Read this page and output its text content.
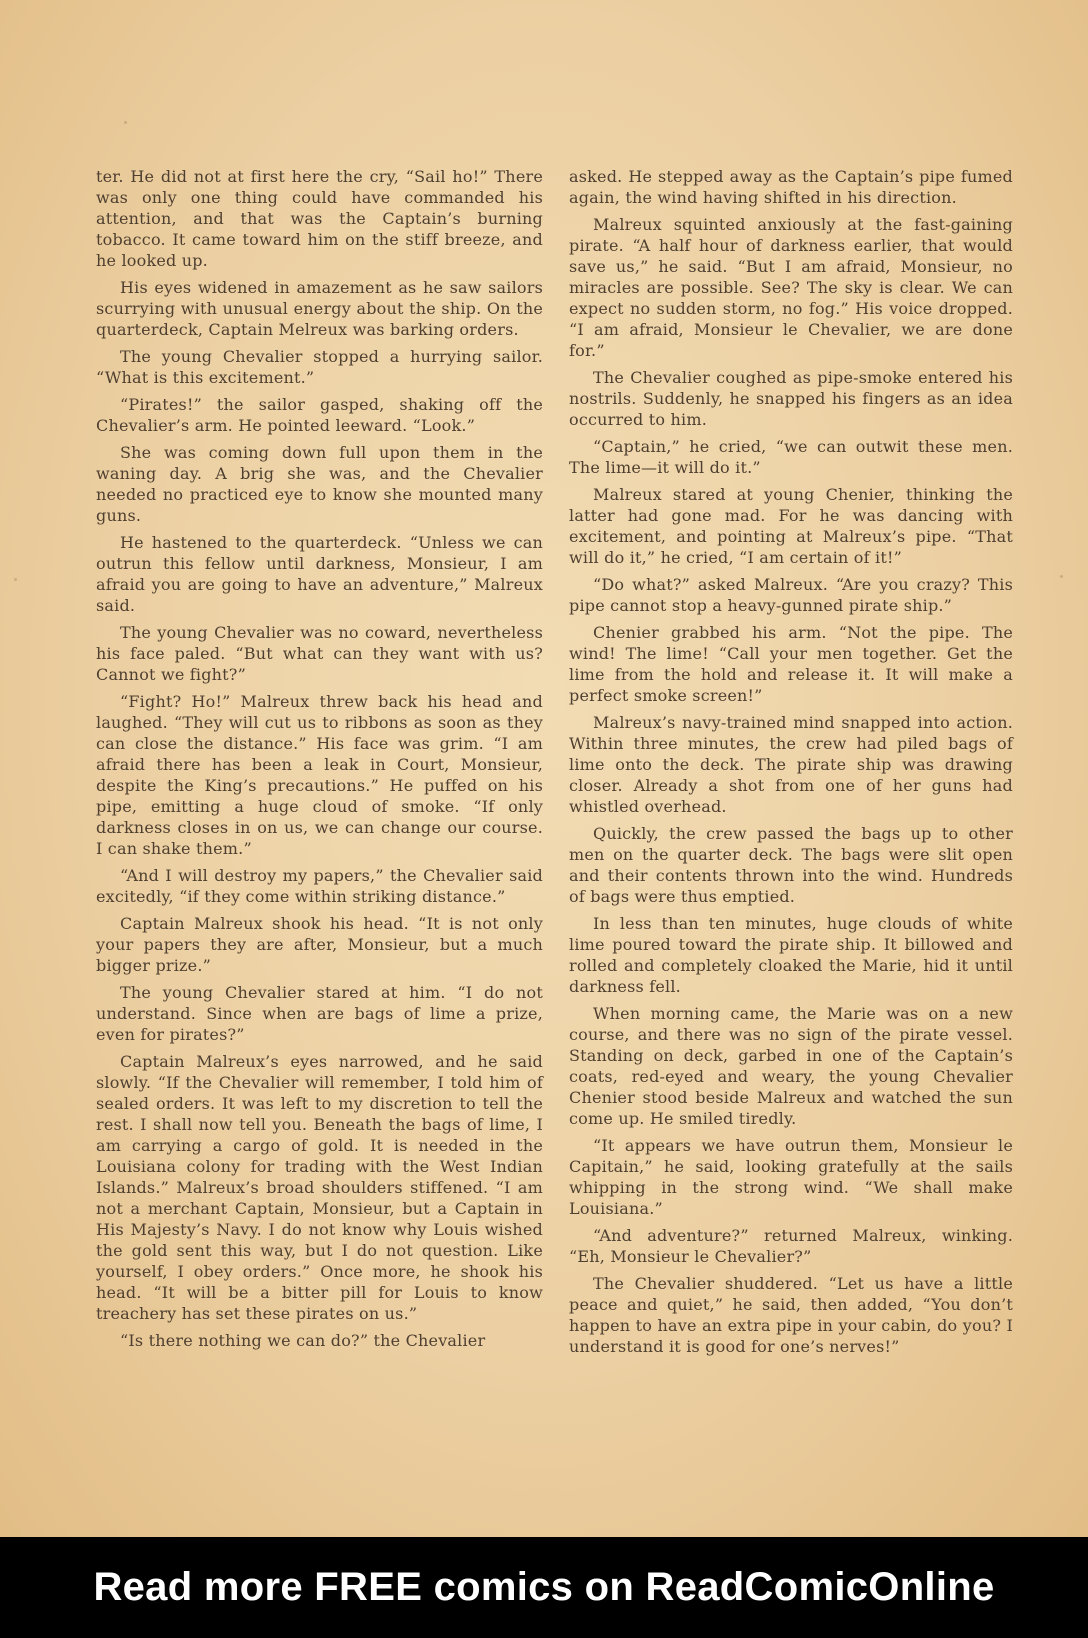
ter. He did not at first here the cry, “Sail ho!” There was only one thing could have commanded his attention, and that was the Captain’s burning tobacco. It came toward him on the stiff breeze, and he looked up.

His eyes widened in amazement as he saw sailors scurrying with unusual energy about the ship. On the quarterdeck, Captain Melreux was barking orders.

The young Chevalier stopped a hurrying sailor. “What is this excitement.”

“Pirates!” the sailor gasped, shaking off the Chevalier’s arm. He pointed leeward. “Look.”

She was coming down full upon them in the waning day. A brig she was, and the Chevalier needed no practiced eye to know she mounted many guns.

He hastened to the quarterdeck. “Unless we can outrun this fellow until darkness, Monsieur, I am afraid you are going to have an adventure,” Malreux said.

The young Chevalier was no coward, nevertheless his face paled. “But what can they want with us? Cannot we fight?”

“Fight? Ho!” Malreux threw back his head and laughed. “They will cut us to ribbons as soon as they can close the distance.” His face was grim. “I am afraid there has been a leak in Court, Monsieur, despite the King’s precautions.” He puffed on his pipe, emitting a huge cloud of smoke. “If only darkness closes in on us, we can change our course. I can shake them.”

“And I will destroy my papers,” the Chevalier said excitedly, “if they come within striking distance.”

Captain Malreux shook his head. “It is not only your papers they are after, Monsieur, but a much bigger prize.”

The young Chevalier stared at him. “I do not understand. Since when are bags of lime a prize, even for pirates?”

Captain Malreux’s eyes narrowed, and he said slowly. “If the Chevalier will remember, I told him of sealed orders. It was left to my discretion to tell the rest. I shall now tell you. Beneath the bags of lime, I am carrying a cargo of gold. It is needed in the Louisiana colony for trading with the West Indian Islands.” Malreux’s broad shoulders stiffened. “I am not a merchant Captain, Monsieur, but a Captain in His Majesty’s Navy. I do not know why Louis wished the gold sent this way, but I do not question. Like yourself, I obey orders.” Once more, he shook his head. “It will be a bitter pill for Louis to know treachery has set these pirates on us.”

“Is there nothing we can do?” the Chevalier

asked. He stepped away as the Captain’s pipe fumed again, the wind having shifted in his direction.

Malreux squinted anxiously at the fast-gaining pirate. “A half hour of darkness earlier, that would save us,” he said. “But I am afraid, Monsieur, no miracles are possible. See? The sky is clear. We can expect no sudden storm, no fog.” His voice dropped. “I am afraid, Monsieur le Chevalier, we are done for.”

The Chevalier coughed as pipe-smoke entered his nostrils. Suddenly, he snapped his fingers as an idea occurred to him.

“Captain,” he cried, “we can outwit these men. The lime—it will do it.”

Malreux stared at young Chenier, thinking the latter had gone mad. For he was dancing with excitement, and pointing at Malreux’s pipe. “That will do it,” he cried, “I am certain of it!”

“Do what?” asked Malreux. “Are you crazy? This pipe cannot stop a heavy-gunned pirate ship.”

Chenier grabbed his arm. “Not the pipe. The wind! The lime! “Call your men together. Get the lime from the hold and release it. It will make a perfect smoke screen!”

Malreux’s navy-trained mind snapped into action. Within three minutes, the crew had piled bags of lime onto the deck. The pirate ship was drawing closer. Already a shot from one of her guns had whistled overhead.

Quickly, the crew passed the bags up to other men on the quarter deck. The bags were slit open and their contents thrown into the wind. Hundreds of bags were thus emptied.

In less than ten minutes, huge clouds of white lime poured toward the pirate ship. It billowed and rolled and completely cloaked the Marie, hid it until darkness fell.

When morning came, the Marie was on a new course, and there was no sign of the pirate vessel. Standing on deck, garbed in one of the Captain’s coats, red-eyed and weary, the young Chevalier Chenier stood beside Malreux and watched the sun come up. He smiled tiredly.

“It appears we have outrun them, Monsieur le Capitain,” he said, looking gratefully at the sails whipping in the strong wind. “We shall make Louisiana.”

“And adventure?” returned Malreux, winking. “Eh, Monsieur le Chevalier?”

The Chevalier shuddered. “Let us have a little peace and quiet,” he said, then added, “You don’t happen to have an extra pipe in your cabin, do you? I understand it is good for one’s nerves!”

Read more FREE comics on ReadComicOnline
